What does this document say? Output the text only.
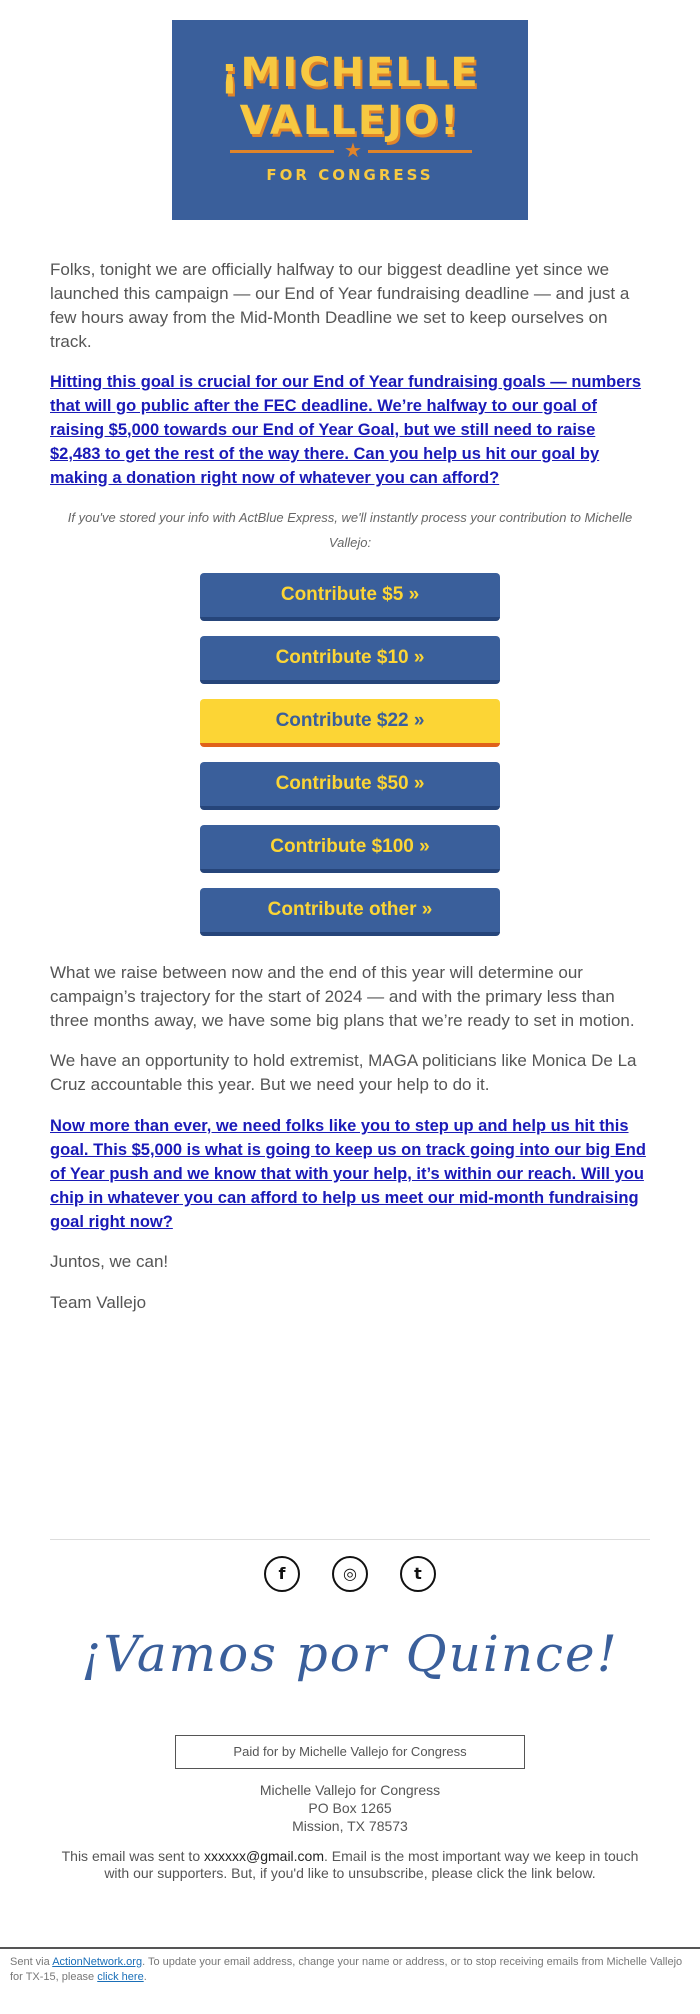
¡MICHELLE
VALLEJO!
★
FOR CONGRESS

Folks, tonight we are officially halfway to our biggest deadline yet since we launched this campaign — our End of Year fundraising deadline — and just a few hours away from the Mid-Month Deadline we set to keep ourselves on track.

Hitting this goal is crucial for our End of Year fundraising goals — numbers that will go public after the FEC deadline. We’re halfway to our goal of raising $5,000 towards our End of Year Goal, but we still need to raise $2,483 to get the rest of the way there. Can you help us hit our goal by making a donation right now of whatever you can afford?

If you've stored your info with ActBlue Express, we'll instantly process your contribution to Michelle Vallejo:

Contribute $5 »
Contribute $10 »
Contribute $22 »
Contribute $50 »
Contribute $100 »
Contribute other »

What we raise between now and the end of this year will determine our campaign’s trajectory for the start of 2024 — and with the primary less than three months away, we have some big plans that we’re ready to set in motion.

We have an opportunity to hold extremist, MAGA politicians like Monica De La Cruz accountable this year. But we need your help to do it.

Now more than ever, we need folks like you to step up and help us hit this goal. This $5,000 is what is going to keep us on track going into our big End of Year push and we know that with your help, it’s within our reach. Will you chip in whatever you can afford to help us meet our mid-month fundraising goal right now?

Juntos, we can!

Team Vallejo

f	◎	t
¡Vamos por Quince!
Paid for by Michelle Vallejo for Congress
Michelle Vallejo for Congress
PO Box 1265
Mission, TX 78573

This email was sent to xxxxxx@gmail.com. Email is the most important way we keep in touch with our supporters. But, if you'd like to unsubscribe, please click the link below.

Sent via ActionNetwork.org. To update your email address, change your name or address, or to stop receiving emails from Michelle Vallejo for TX-15, please click here.
